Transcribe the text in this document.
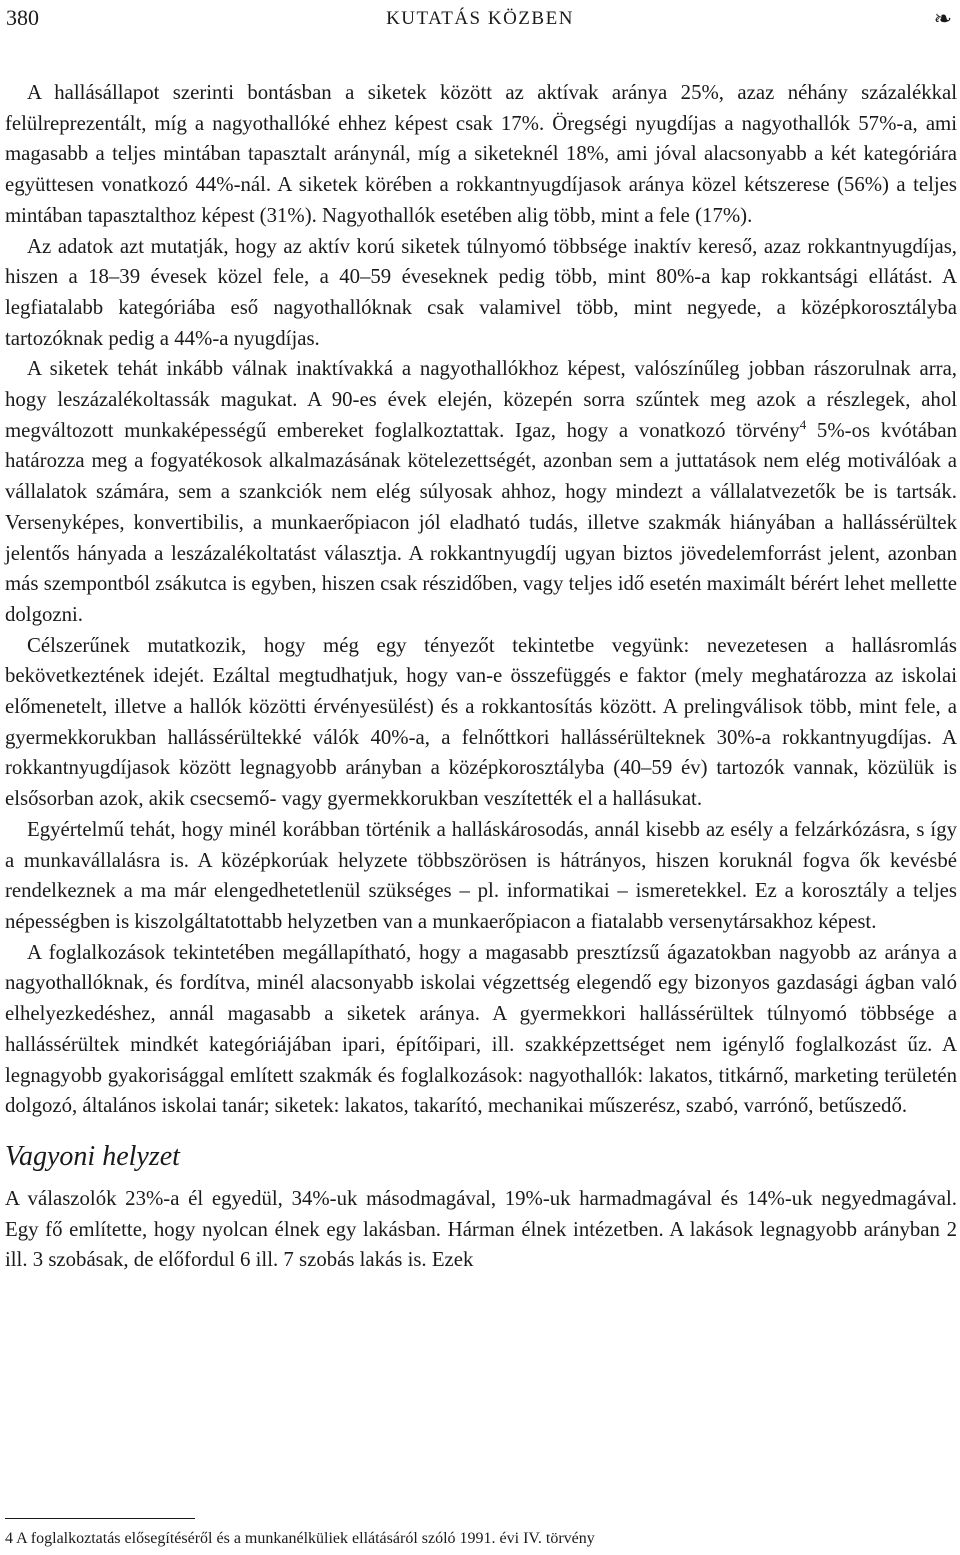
380	KUTATÁS KÖZBEN	❧

A hallásállapot szerinti bontásban a siketek között az aktívak aránya 25%, azaz néhány százalékkal felülreprezentált, míg a nagyothallóké ehhez képest csak 17%. Öregségi nyugdíjas a nagyothallók 57%-a, ami magasabb a teljes mintában tapasztalt aránynál, míg a siketeknél 18%, ami jóval alacsonyabb a két kategóriára együttesen vonatkozó 44%-nál. A siketek körében a rokkantnyugdíjasok aránya közel kétszerese (56%) a teljes mintában tapasztalthoz képest (31%). Nagyothallók esetében alig több, mint a fele (17%).

Az adatok azt mutatják, hogy az aktív korú siketek túlnyomó többsége inaktív kereső, azaz rokkantnyugdíjas, hiszen a 18–39 évesek közel fele, a 40–59 éveseknek pedig több, mint 80%-a kap rokkantsági ellátást. A legfiatalabb kategóriába eső nagyothallóknak csak valamivel több, mint negyede, a középkorosztályba tartozóknak pedig a 44%-a nyugdíjas.

A siketek tehát inkább válnak inaktívakká a nagyothallókhoz képest, valószínűleg jobban rászorulnak arra, hogy leszázalékoltassák magukat. A 90-es évek elején, közepén sorra szűntek meg azok a részlegek, ahol megváltozott munkaképességű embereket foglalkoztattak. Igaz, hogy a vonatkozó törvény$^4$ 5%-os kvótában határozza meg a fogyatékosok alkalmazásának kötelezettségét, azonban sem a juttatások nem elég motiválóak a vállalatok számára, sem a szankciók nem elég súlyosak ahhoz, hogy mindezt a vállalatvezetők be is tartsák. Versenyképes, konvertibilis, a munkaerőpiacon jól eladható tudás, illetve szakmák hiányában a hallássérültek jelentős hányada a leszázalékoltatást választja. A rokkantnyugdíj ugyan biztos jövedelemforrást jelent, azonban más szempontból zsákutca is egyben, hiszen csak részidőben, vagy teljes idő esetén maximált bérért lehet mellette dolgozni.

Célszerűnek mutatkozik, hogy még egy tényezőt tekintetbe vegyünk: nevezetesen a hallásromlás bekövetkeztének idejét. Ezáltal megtudhatjuk, hogy van-e összefüggés e faktor (mely meghatározza az iskolai előmenetelt, illetve a hallók közötti érvényesülést) és a rokkantosítás között. A prelingválisok több, mint fele, a gyermekkorukban hallássérültekké válók 40%-a, a felnőttkori hallássérülteknek 30%-a rokkantnyugdíjas. A rokkantnyugdíjasok között legnagyobb arányban a középkorosztályba (40–59 év) tartozók vannak, közülük is elsősorban azok, akik csecsemő- vagy gyermekkorukban veszítették el a hallásukat.

Egyértelmű tehát, hogy minél korábban történik a halláskárosodás, annál kisebb az esély a felzárkózásra, s így a munkavállalásra is. A középkorúak helyzete többszörösen is hátrányos, hiszen koruknál fogva ők kevésbé rendelkeznek a ma már elengedhetetlenül szükséges – pl. informatikai – ismeretekkel. Ez a korosztály a teljes népességben is kiszolgáltatottabb helyzetben van a munkaerőpiacon a fiatalabb versenytársakhoz képest.

A foglalkozások tekintetében megállapítható, hogy a magasabb presztízsű ágazatokban nagyobb az aránya a nagyothallóknak, és fordítva, minél alacsonyabb iskolai végzettség elegendő egy bizonyos gazdasági ágban való elhelyezkedéshez, annál magasabb a siketek aránya. A gyermekkori hallássérültek túlnyomó többsége a hallássérültek mindkét kategóriájában ipari, építőipari, ill. szakképzettséget nem igénylő foglalkozást űz. A legnagyobb gyakorisággal említett szakmák és foglalkozások: nagyothallók: lakatos, titkárnő, marketing területén dolgozó, általános iskolai tanár; siketek: lakatos, takarító, mechanikai műszerész, szabó, varrónő, betűszedő.

Vagyoni helyzet

A válaszolók 23%-a él egyedül, 34%-uk másodmagával, 19%-uk harmadmagával és 14%-uk negyedmagával. Egy fő említette, hogy nyolcan élnek egy lakásban. Hárman élnek intézetben. A lakások legnagyobb arányban 2 ill. 3 szobásak, de előfordul 6 ill. 7 szobás lakás is. Ezek

4 A foglalkoztatás elősegítéséről és a munkanélküliek ellátásáról szóló 1991. évi IV. törvény
